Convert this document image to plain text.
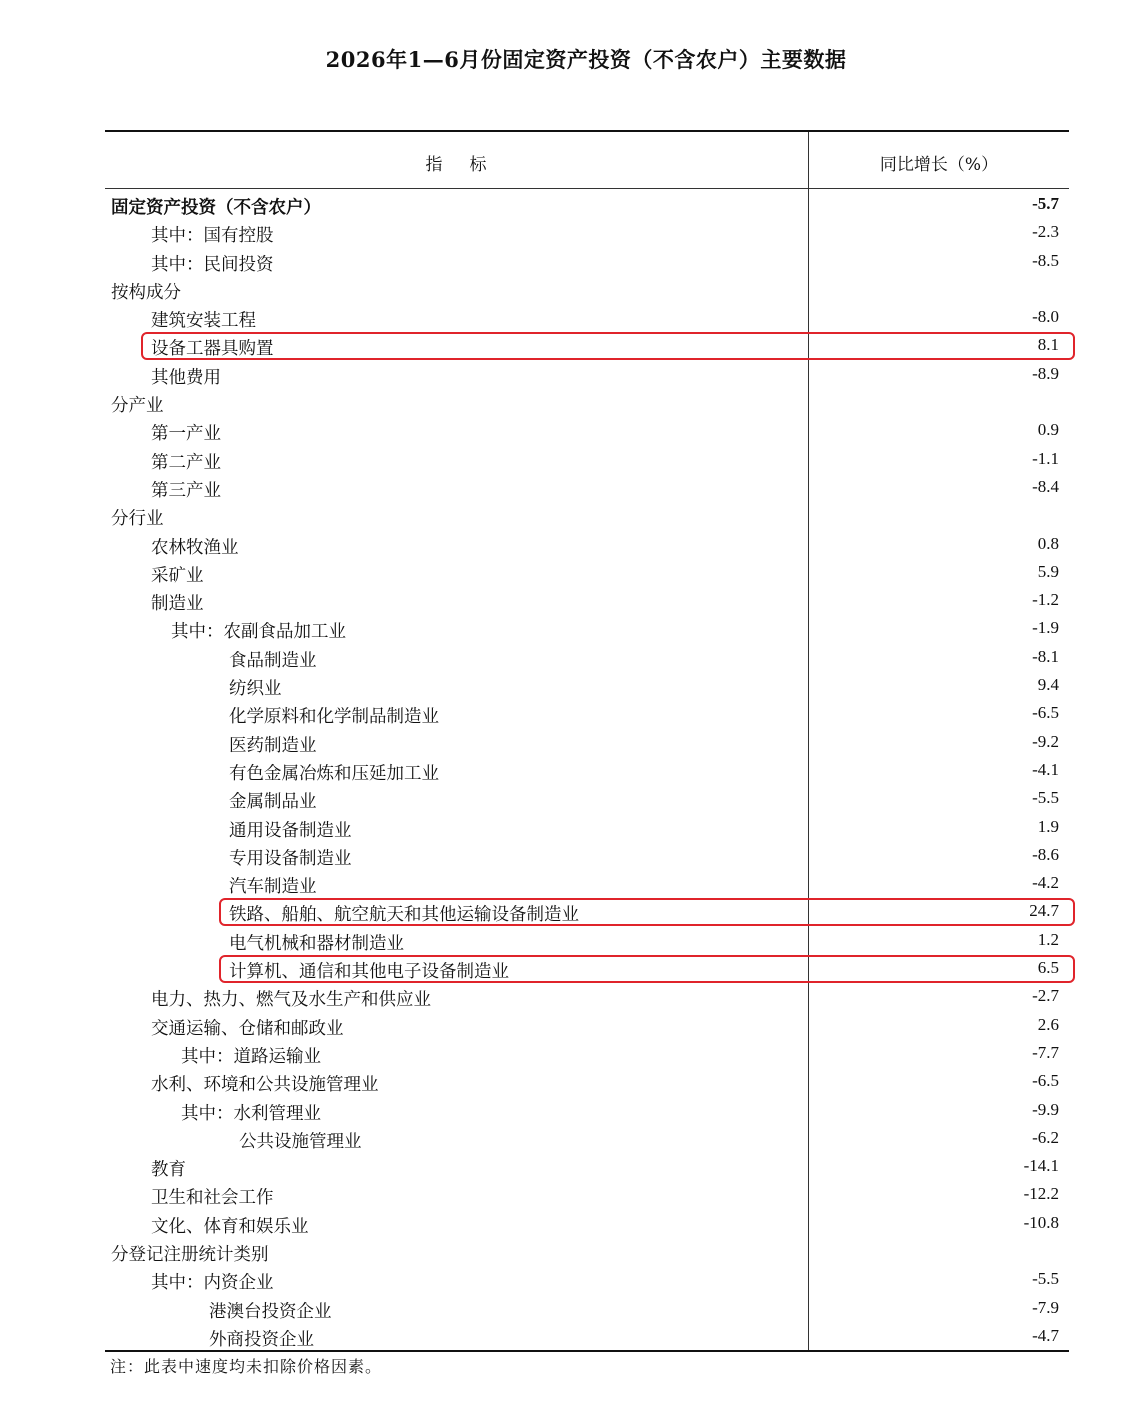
2026年1—6月份固定资产投资（不含农户）主要数据
指 标	同比增长（%）
固定资产投资（不含农户）	-5.7
其中：国有控股	-2.3
其中：民间投资	-8.5
按构成分
建筑安装工程	-8.0
设备工器具购置	8.1
其他费用	-8.9
分产业
第一产业	0.9
第二产业	-1.1
第三产业	-8.4
分行业
农林牧渔业	0.8
采矿业	5.9
制造业	-1.2
其中：农副食品加工业	-1.9
食品制造业	-8.1
纺织业	9.4
化学原料和化学制品制造业	-6.5
医药制造业	-9.2
有色金属冶炼和压延加工业	-4.1
金属制品业	-5.5
通用设备制造业	1.9
专用设备制造业	-8.6
汽车制造业	-4.2
铁路、船舶、航空航天和其他运输设备制造业	24.7
电气机械和器材制造业	1.2
计算机、通信和其他电子设备制造业	6.5
电力、热力、燃气及水生产和供应业	-2.7
交通运输、仓储和邮政业	2.6
其中：道路运输业	-7.7
水利、环境和公共设施管理业	-6.5
其中：水利管理业	-9.9
公共设施管理业	-6.2
教育	-14.1
卫生和社会工作	-12.2
文化、体育和娱乐业	-10.8
分登记注册统计类别
其中：内资企业	-5.5
港澳台投资企业	-7.9
外商投资企业	-4.7
注：此表中速度均未扣除价格因素。
